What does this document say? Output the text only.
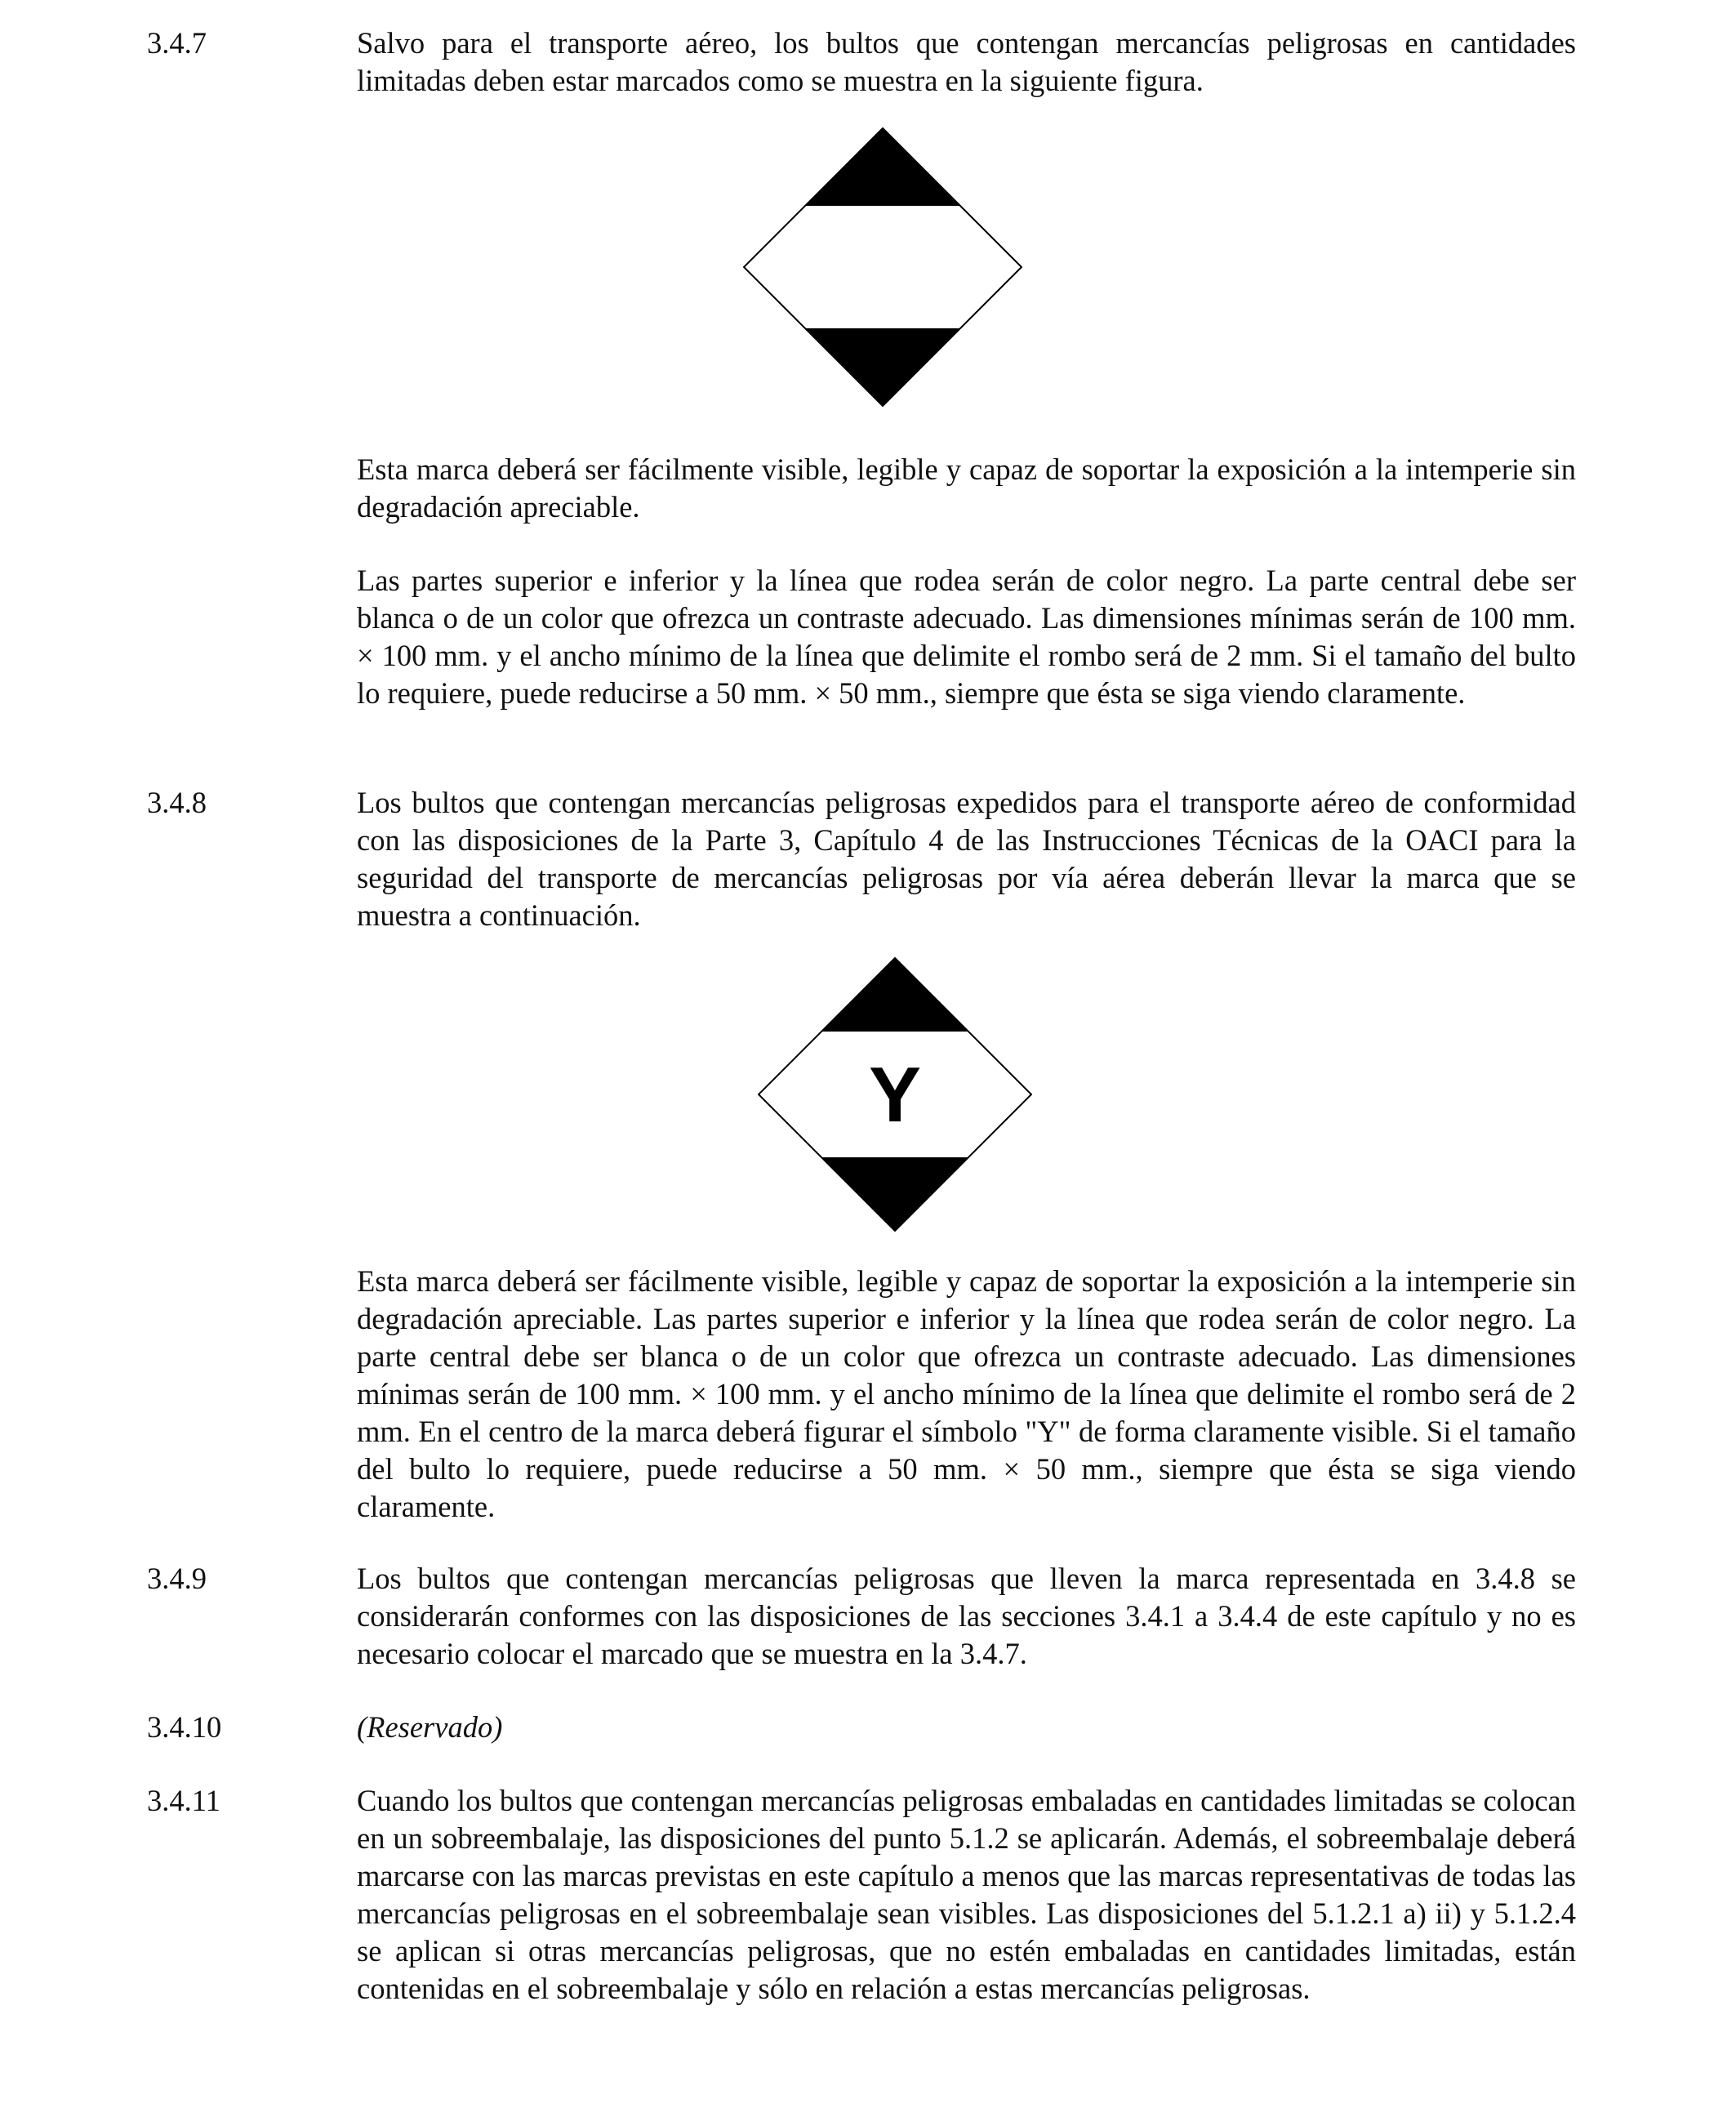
3.4.7	Salvo para el transporte aéreo, los bultos que contengan mercancías peligrosas en cantidades limitadas deben estar marcados como se muestra en la siguiente figura.

Esta marca deberá ser fácilmente visible, legible y capaz de soportar la exposición a la intemperie sin degradación apreciable.

Las partes superior e inferior y la línea que rodea serán de color negro. La parte central debe ser blanca o de un color que ofrezca un contraste adecuado. Las dimensiones mínimas serán de 100 mm. × 100 mm. y el ancho mínimo de la línea que delimite el rombo será de 2 mm. Si el tamaño del bulto lo requiere, puede reducirse a 50 mm. × 50 mm., siempre que ésta se siga viendo claramente.

3.4.8	Los bultos que contengan mercancías peligrosas expedidos para el transporte aéreo de conformidad con las disposiciones de la Parte 3, Capítulo 4 de las Instrucciones Técnicas de la OACI para la seguridad del transporte de mercancías peligrosas por vía aérea deberán llevar la marca que se muestra a continuación.

Y

Esta marca deberá ser fácilmente visible, legible y capaz de soportar la exposición a la intemperie sin degradación apreciable. Las partes superior e inferior y la línea que rodea serán de color negro. La parte central debe ser blanca o de un color que ofrezca un contraste adecuado. Las dimensiones mínimas serán de 100 mm. × 100 mm. y el ancho mínimo de la línea que delimite el rombo será de 2 mm. En el centro de la marca deberá figurar el símbolo "Y" de forma claramente visible. Si el tamaño del bulto lo requiere, puede reducirse a 50 mm. × 50 mm., siempre que ésta se siga viendo claramente.

3.4.9	Los bultos que contengan mercancías peligrosas que lleven la marca representada en 3.4.8 se considerarán conformes con las disposiciones de las secciones 3.4.1 a 3.4.4 de este capítulo y no es necesario colocar el marcado que se muestra en la 3.4.7.

3.4.10	(Reservado)

3.4.11	Cuando los bultos que contengan mercancías peligrosas embaladas en cantidades limitadas se colocan en un sobreembalaje, las disposiciones del punto 5.1.2 se aplicarán. Además, el sobreembalaje deberá marcarse con las marcas previstas en este capítulo a menos que las marcas representativas de todas las mercancías peligrosas en el sobreembalaje sean visibles. Las disposiciones del 5.1.2.1 a) ii) y 5.1.2.4 se aplican si otras mercancías peligrosas, que no estén embaladas en cantidades limitadas, están contenidas en el sobreembalaje y sólo en relación a estas mercancías peligrosas.
